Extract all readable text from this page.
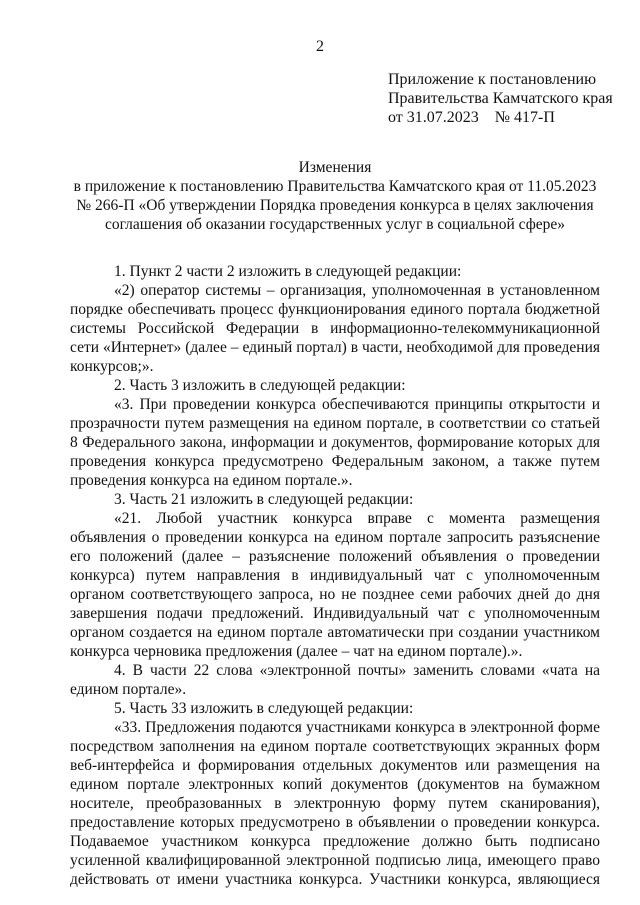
2
Приложение к постановлению
Правительства Камчатского края
от 31.07.2023 № 417-П
Изменения
в приложение к постановлению Правительства Камчатского края от 11.05.2023
№ 266-П «Об утверждении Порядка проведения конкурса в целях заключения
соглашения об оказании государственных услуг в социальной сфере»

1. Пункт 2 части 2 изложить в следующей редакции:

«2) оператор системы – организация, уполномоченная в установленном порядке обеспечивать процесс функционирования единого портала бюджетной системы Российской Федерации в информационно-телекоммуникационной сети «Интернет» (далее – единый портал) в части, необходимой для проведения конкурсов;».

2. Часть 3 изложить в следующей редакции:

«3. При проведении конкурса обеспечиваются принципы открытости и прозрачности путем размещения на едином портале, в соответствии со статьей 8 Федерального закона, информации и документов, формирование которых для проведения конкурса предусмотрено Федеральным законом, а также путем проведения конкурса на едином портале.».

3. Часть 21 изложить в следующей редакции:

«21. Любой участник конкурса вправе с момента размещения объявления о проведении конкурса на едином портале запросить разъяснение его положений (далее – разъяснение положений объявления о проведении конкурса) путем направления в индивидуальный чат с уполномоченным органом соответствующего запроса, но не позднее семи рабочих дней до дня завершения подачи предложений. Индивидуальный чат с уполномоченным органом создается на едином портале автоматически при создании участником конкурса черновика предложения (далее – чат на едином портале).».

4. В части 22 слова «электронной почты» заменить словами «чата на едином портале».

5. Часть 33 изложить в следующей редакции:

«33. Предложения подаются участниками конкурса в электронной форме посредством заполнения на едином портале соответствующих экранных форм веб-интерфейса и формирования отдельных документов или размещения на едином портале электронных копий документов (документов на бумажном носителе, преобразованных в электронную форму путем сканирования), предоставление которых предусмотрено в объявлении о проведении конкурса. Подаваемое участником конкурса предложение должно быть подписано усиленной квалифицированной электронной подписью лица, имеющего право действовать от имени участника конкурса. Участники конкурса, являющиеся
